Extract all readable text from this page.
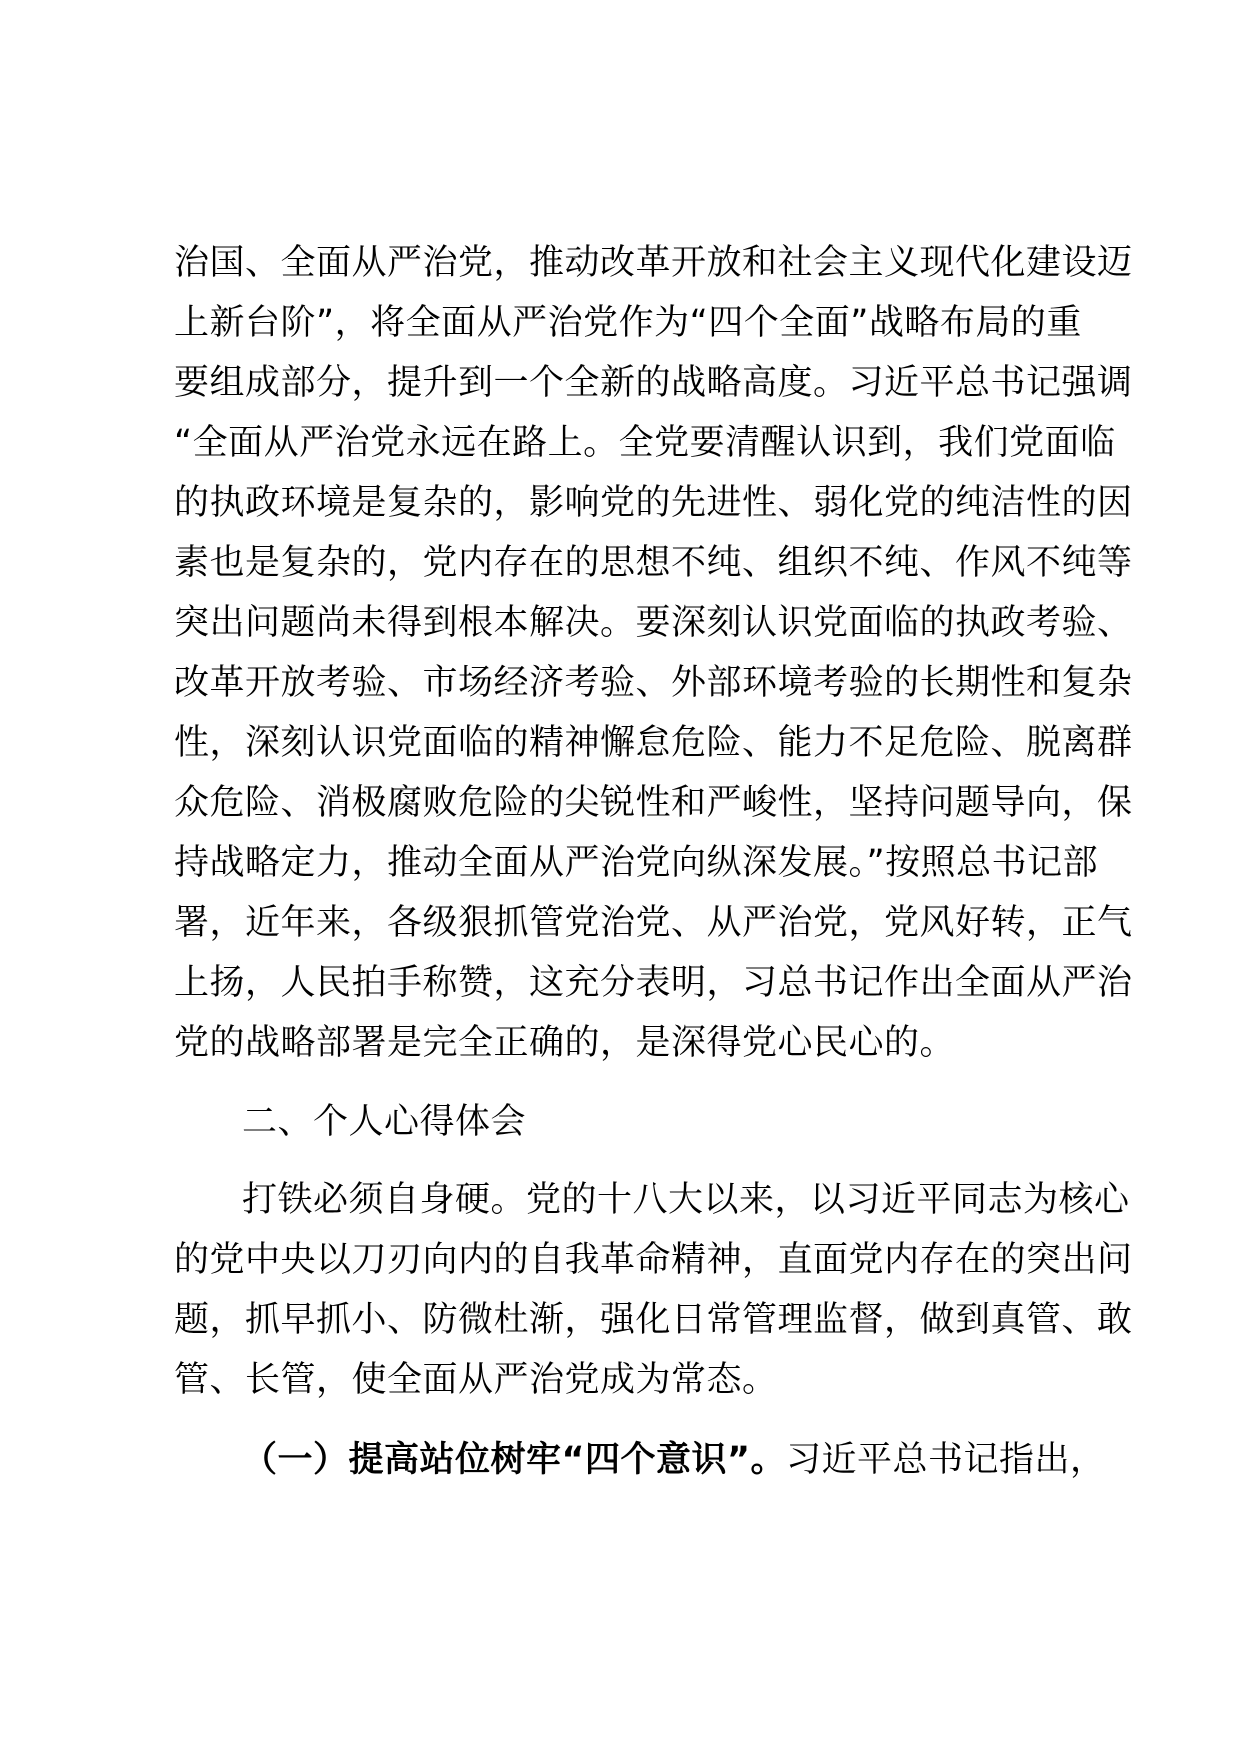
治国、全面从严治党，推动改革开放和社会主义现代化建设迈
上新台阶”，将全面从严治党作为“四个全面”战略布局的重
要组成部分，提升到一个全新的战略高度。习近平总书记强调
“全面从严治党永远在路上。全党要清醒认识到，我们党面临
的执政环境是复杂的，影响党的先进性、弱化党的纯洁性的因
素也是复杂的，党内存在的思想不纯、组织不纯、作风不纯等
突出问题尚未得到根本解决。要深刻认识党面临的执政考验、
改革开放考验、市场经济考验、外部环境考验的长期性和复杂
性，深刻认识党面临的精神懈怠危险、能力不足危险、脱离群
众危险、消极腐败危险的尖锐性和严峻性，坚持问题导向，保
持战略定力，推动全面从严治党向纵深发展。”按照总书记部
署，近年来，各级狠抓管党治党、从严治党，党风好转，正气
上扬，人民拍手称赞，这充分表明，习总书记作出全面从严治
党的战略部署是完全正确的，是深得党心民心的。
二、个人心得体会
打铁必须自身硬。党的十八大以来，以习近平同志为核心
的党中央以刀刃向内的自我革命精神，直面党内存在的突出问
题，抓早抓小、防微杜渐，强化日常管理监督，做到真管、敢
管、长管，使全面从严治党成为常态。
（一）提高站位树牢“四个意识”。习近平总书记指出，
